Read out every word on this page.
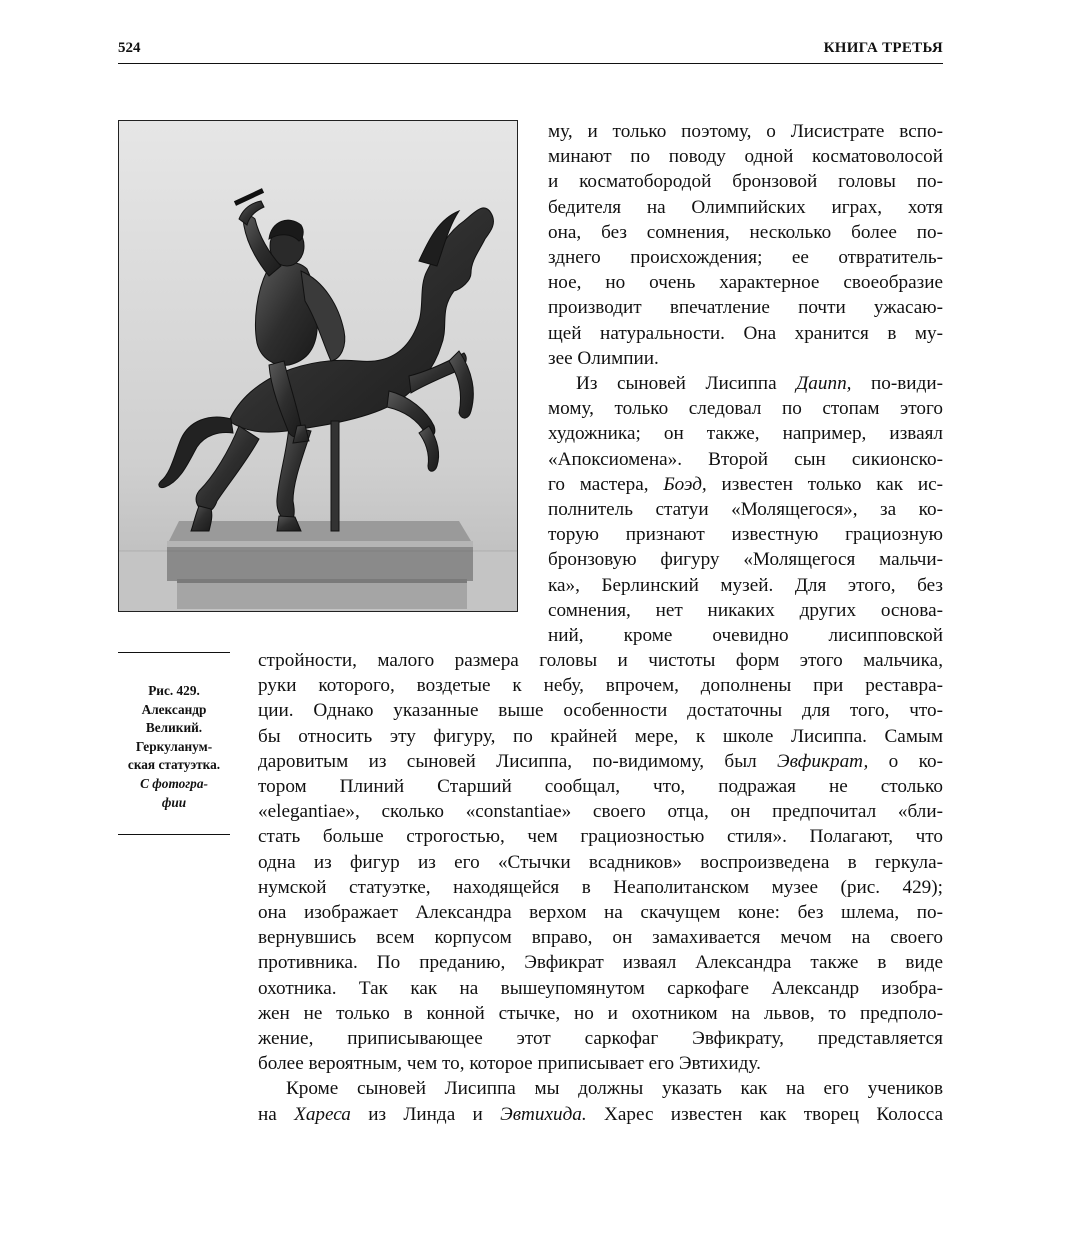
524	КНИГА ТРЕТЬЯ
Рис. 429.
Александр
Великий.
Геркуланум-
ская статуэтка.
С фотогра-
фии
му, и только поэтому, о Лисистрате вспо-
минают по поводу одной косматоволосой
и косматобородой бронзовой головы по-
бедителя на Олимпийских играх, хотя
она, без сомнения, несколько более по-
зднего происхождения; ее отвратитель-
ное, но очень характерное своеобразие
производит впечатление почти ужасаю-
щей натуральности. Она хранится в му-
зее Олимпии.
Из сыновей Лисиппа Даипп, по-види-
мому, только следовал по стопам этого
художника; он также, например, изваял
«Апоксиомена». Второй сын сикионско-
го мастера, Боэд, известен только как ис-
полнитель статуи «Молящегося», за ко-
торую признают известную грациозную
бронзовую фигуру «Молящегося мальчи-
ка», Берлинский музей. Для этого, без
сомнения, нет никаких других основа-
ний, кроме очевидно лисипповской
стройности, малого размера головы и чистоты форм этого мальчика,
руки которого, воздетые к небу, впрочем, дополнены при реставра-
ции. Однако указанные выше особенности достаточны для того, что-
бы относить эту фигуру, по крайней мере, к школе Лисиппа. Самым
даровитым из сыновей Лисиппа, по-видимому, был Эвфикрат, о ко-
тором Плиний Старший сообщал, что, подражая не столько
«elegantiae», сколько «constantiae» своего отца, он предпочитал «бли-
стать больше строгостью, чем грациозностью стиля». Полагают, что
одна из фигур из его «Стычки всадников» воспроизведена в геркула-
нумской статуэтке, находящейся в Неаполитанском музее (рис. 429);
она изображает Александра верхом на скачущем коне: без шлема, по-
вернувшись всем корпусом вправо, он замахивается мечом на своего
противника. По преданию, Эвфикрат изваял Александра также в виде
охотника. Так как на вышеупомянутом саркофаге Александр изобра-
жен не только в конной стычке, но и охотником на львов, то предполо-
жение, приписывающее этот саркофаг Эвфикрату, представляется
более вероятным, чем то, которое приписывает его Эвтихиду.
Кроме сыновей Лисиппа мы должны указать как на его учеников
на Хареса из Линда и Эвтихида. Харес известен как творец Колосса
